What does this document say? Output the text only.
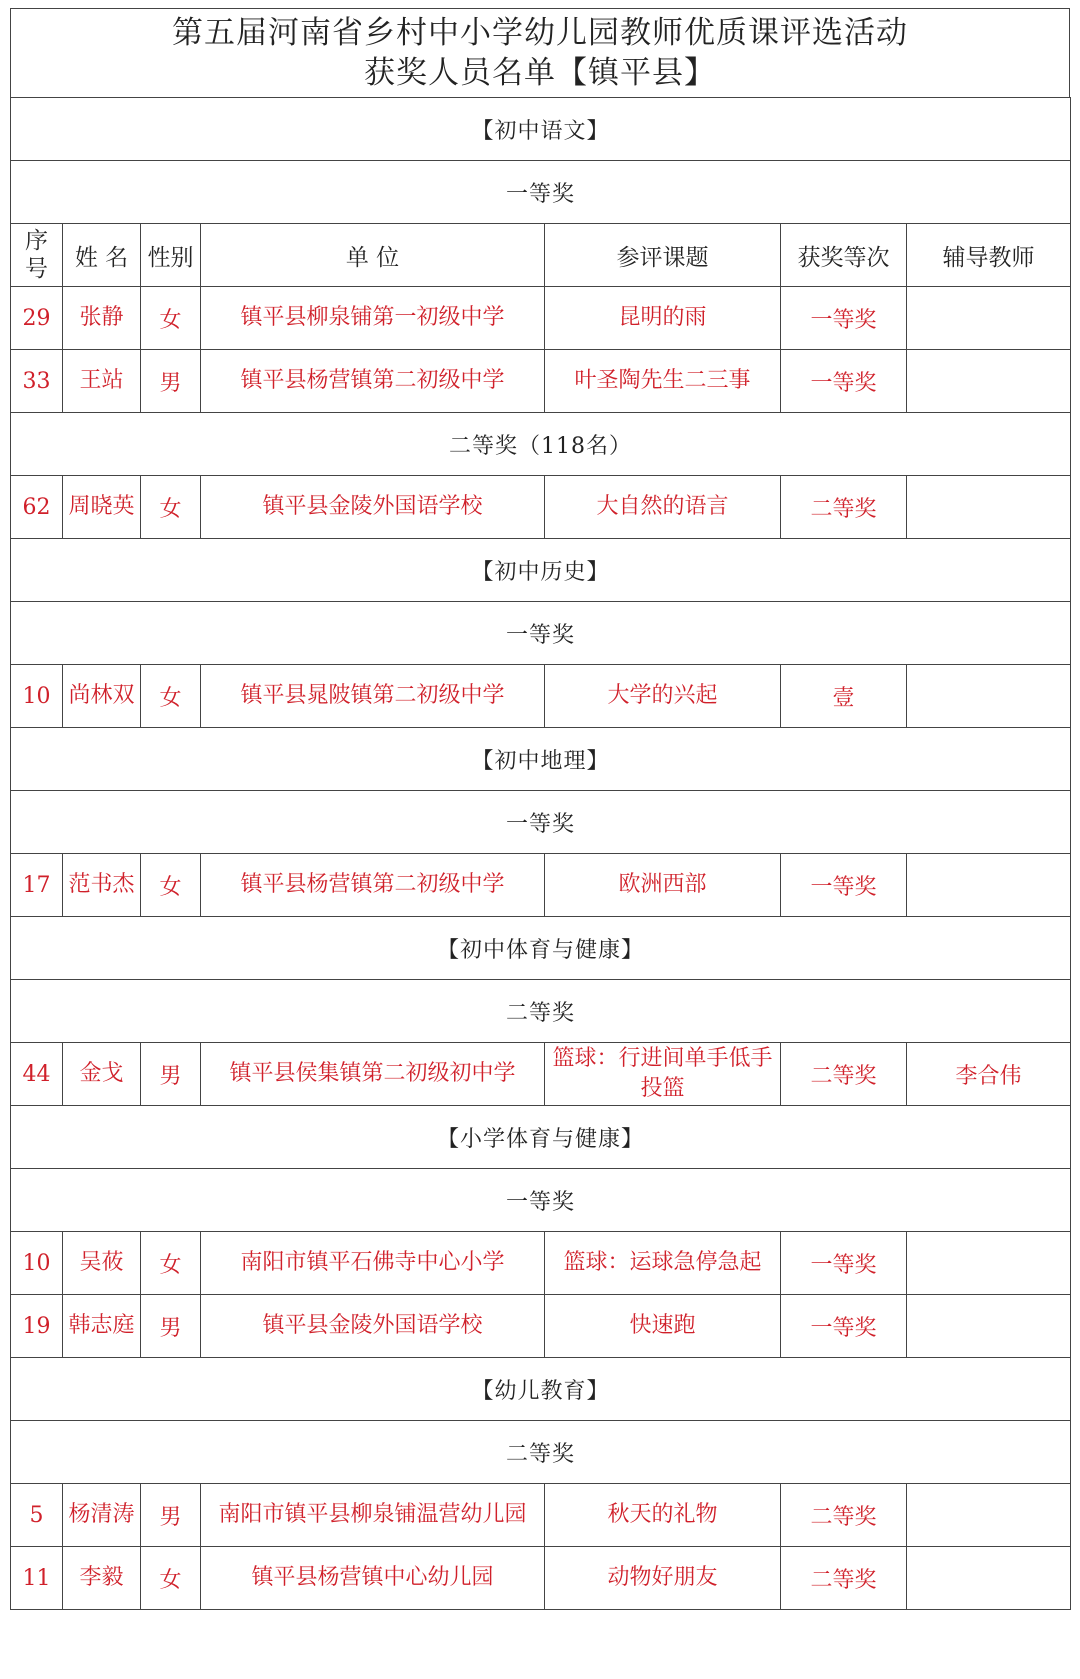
第五届河南省乡村中小学幼儿园教师优质课评选活动
获奖人员名单【镇平县】
【初中语文】						
一等奖						
序号	姓 名	性别	单 位	参评课题	获奖等次	辅导教师
29	张静	女	镇平县柳泉铺第一初级中学	昆明的雨	一等奖	
33	王站	男	镇平县杨营镇第二初级中学	叶圣陶先生二三事	一等奖	
二等奖（118名）						
62	周晓英	女	镇平县金陵外国语学校	大自然的语言	二等奖	
【初中历史】						
一等奖						
10	尚林双	女	镇平县晁陂镇第二初级中学	大学的兴起	壹	
【初中地理】						
一等奖						
17	范书杰	女	镇平县杨营镇第二初级中学	欧洲西部	一等奖	
【初中体育与健康】						
二等奖						
44	金戈	男	镇平县侯集镇第二初级初中学	篮球：行进间单手低手投篮	二等奖	李合伟
【小学体育与健康】						
一等奖						
10	吴莜	女	南阳市镇平石佛寺中心小学	篮球：运球急停急起	一等奖	
19	韩志庭	男	镇平县金陵外国语学校	快速跑	一等奖	
【幼儿教育】						
二等奖						
5	杨清涛	男	南阳市镇平县柳泉铺温营幼儿园	秋天的礼物	二等奖	
11	李毅	女	镇平县杨营镇中心幼儿园	动物好朋友	二等奖	
